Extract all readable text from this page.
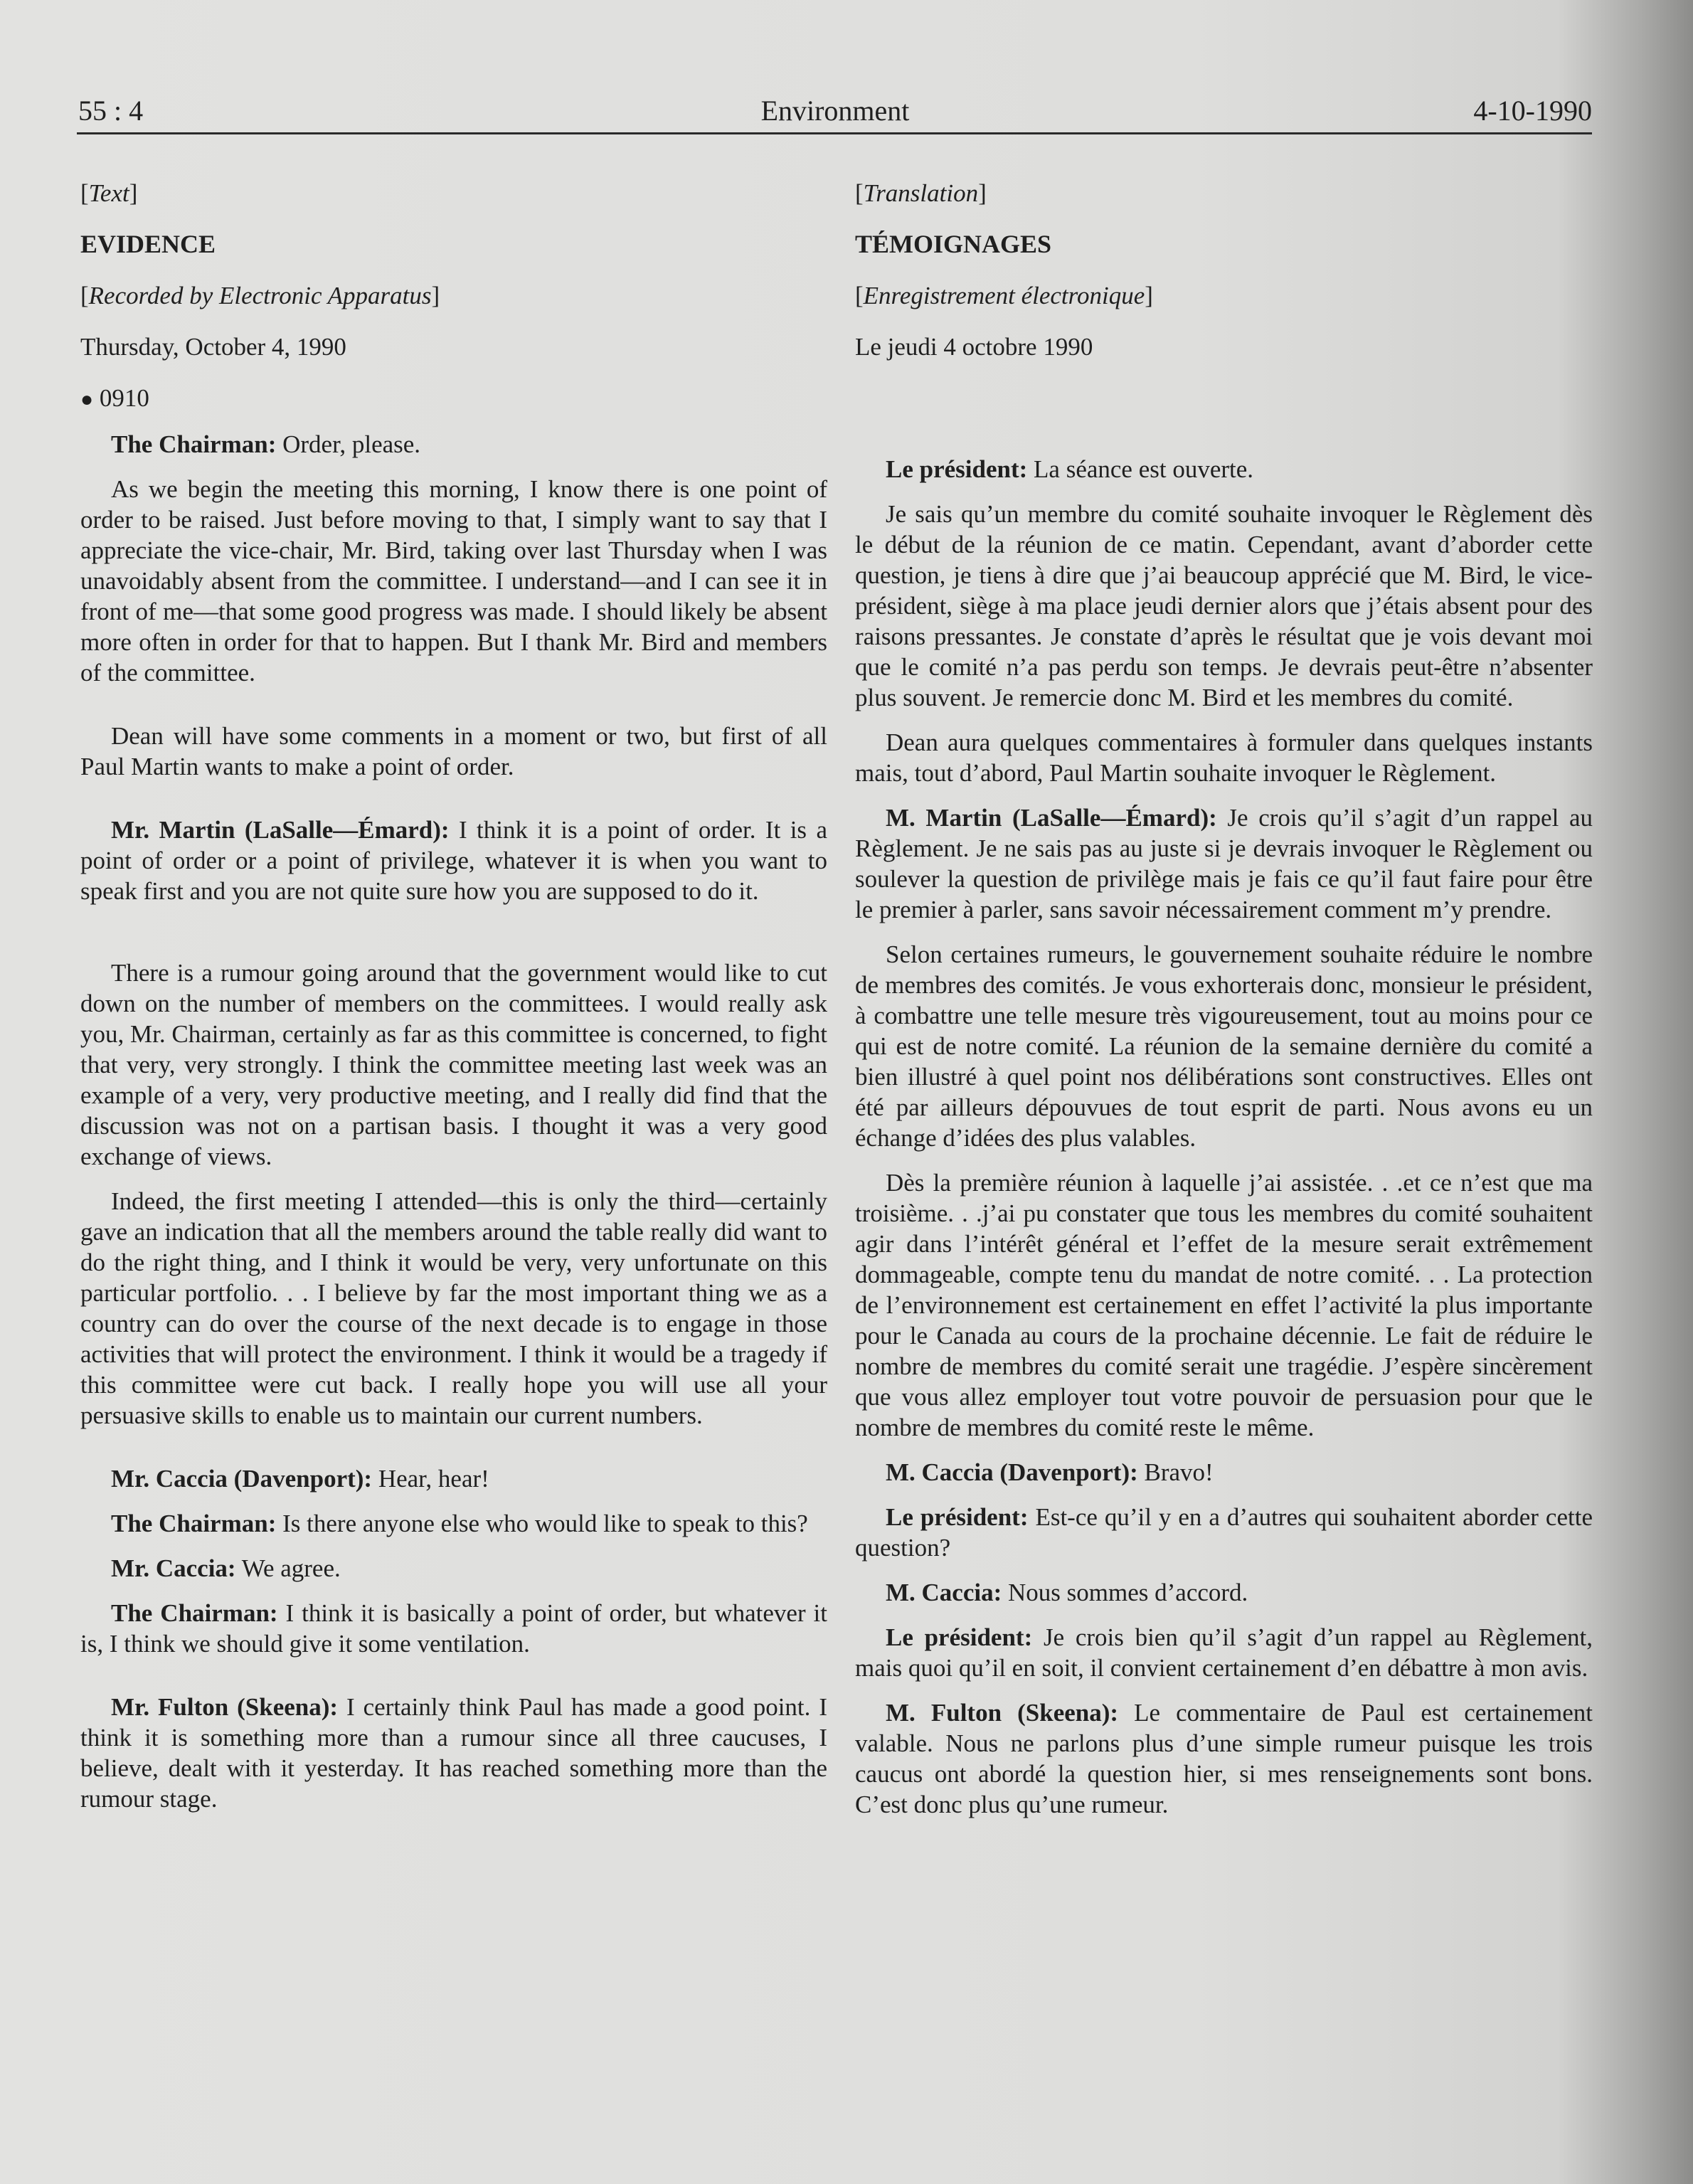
55 : 4	Environment	4-10-1990

[Text]

EVIDENCE

[Recorded by Electronic Apparatus]

Thursday, October 4, 1990

● 0910

The Chairman: Order, please.

As we begin the meeting this morning, I know there is one point of order to be raised. Just before moving to that, I simply want to say that I appreciate the vice-chair, Mr. Bird, taking over last Thursday when I was unavoidably absent from the committee. I understand—and I can see it in front of me—that some good progress was made. I should likely be absent more often in order for that to happen. But I thank Mr. Bird and members of the committee.

Dean will have some comments in a moment or two, but first of all Paul Martin wants to make a point of order.

Mr. Martin (LaSalle—Émard): I think it is a point of order. It is a point of order or a point of privilege, whatever it is when you want to speak first and you are not quite sure how you are supposed to do it.

There is a rumour going around that the government would like to cut down on the number of members on the committees. I would really ask you, Mr. Chairman, certainly as far as this committee is concerned, to fight that very, very strongly. I think the committee meeting last week was an example of a very, very productive meeting, and I really did find that the discussion was not on a partisan basis. I thought it was a very good exchange of views.

Indeed, the first meeting I attended—this is only the third—certainly gave an indication that all the members around the table really did want to do the right thing, and I think it would be very, very unfortunate on this particular portfolio. . . I believe by far the most important thing we as a country can do over the course of the next decade is to engage in those activities that will protect the environment. I think it would be a tragedy if this committee were cut back. I really hope you will use all your persuasive skills to enable us to maintain our current numbers.

Mr. Caccia (Davenport): Hear, hear!

The Chairman: Is there anyone else who would like to speak to this?

Mr. Caccia: We agree.

The Chairman: I think it is basically a point of order, but whatever it is, I think we should give it some ventilation.

Mr. Fulton (Skeena): I certainly think Paul has made a good point. I think it is something more than a rumour since all three caucuses, I believe, dealt with it yesterday. It has reached something more than the rumour stage.

[Translation]

TÉMOIGNAGES

[Enregistrement électronique]

Le jeudi 4 octobre 1990

Le président: La séance est ouverte.

Je sais qu’un membre du comité souhaite invoquer le Règlement dès le début de la réunion de ce matin. Cependant, avant d’aborder cette question, je tiens à dire que j’ai beaucoup apprécié que M. Bird, le vice-président, siège à ma place jeudi dernier alors que j’étais absent pour des raisons pressantes. Je constate d’après le résultat que je vois devant moi que le comité n’a pas perdu son temps. Je devrais peut-être n’absenter plus souvent. Je remercie donc M. Bird et les membres du comité.

Dean aura quelques commentaires à formuler dans quelques instants mais, tout d’abord, Paul Martin souhaite invoquer le Règlement.

M. Martin (LaSalle—Émard): Je crois qu’il s’agit d’un rappel au Règlement. Je ne sais pas au juste si je devrais invoquer le Règlement ou soulever la question de privilège mais je fais ce qu’il faut faire pour être le premier à parler, sans savoir nécessairement comment m’y prendre.

Selon certaines rumeurs, le gouvernement souhaite réduire le nombre de membres des comités. Je vous exhorterais donc, monsieur le président, à combattre une telle mesure très vigoureusement, tout au moins pour ce qui est de notre comité. La réunion de la semaine dernière du comité a bien illustré à quel point nos délibérations sont constructives. Elles ont été par ailleurs dépouvues de tout esprit de parti. Nous avons eu un échange d’idées des plus valables.

Dès la première réunion à laquelle j’ai assistée. . .et ce n’est que ma troisième. . .j’ai pu constater que tous les membres du comité souhaitent agir dans l’intérêt général et l’effet de la mesure serait extrêmement dommageable, compte tenu du mandat de notre comité. . . La protection de l’environnement est certainement en effet l’activité la plus importante pour le Canada au cours de la prochaine décennie. Le fait de réduire le nombre de membres du comité serait une tragédie. J’espère sincèrement que vous allez employer tout votre pouvoir de persuasion pour que le nombre de membres du comité reste le même.

M. Caccia (Davenport): Bravo!

Le président: Est-ce qu’il y en a d’autres qui souhaitent aborder cette question?

M. Caccia: Nous sommes d’accord.

Le président: Je crois bien qu’il s’agit d’un rappel au Règlement, mais quoi qu’il en soit, il convient certainement d’en débattre à mon avis.

M. Fulton (Skeena): Le commentaire de Paul est certainement valable. Nous ne parlons plus d’une simple rumeur puisque les trois caucus ont abordé la question hier, si mes renseignements sont bons. C’est donc plus qu’une rumeur.
